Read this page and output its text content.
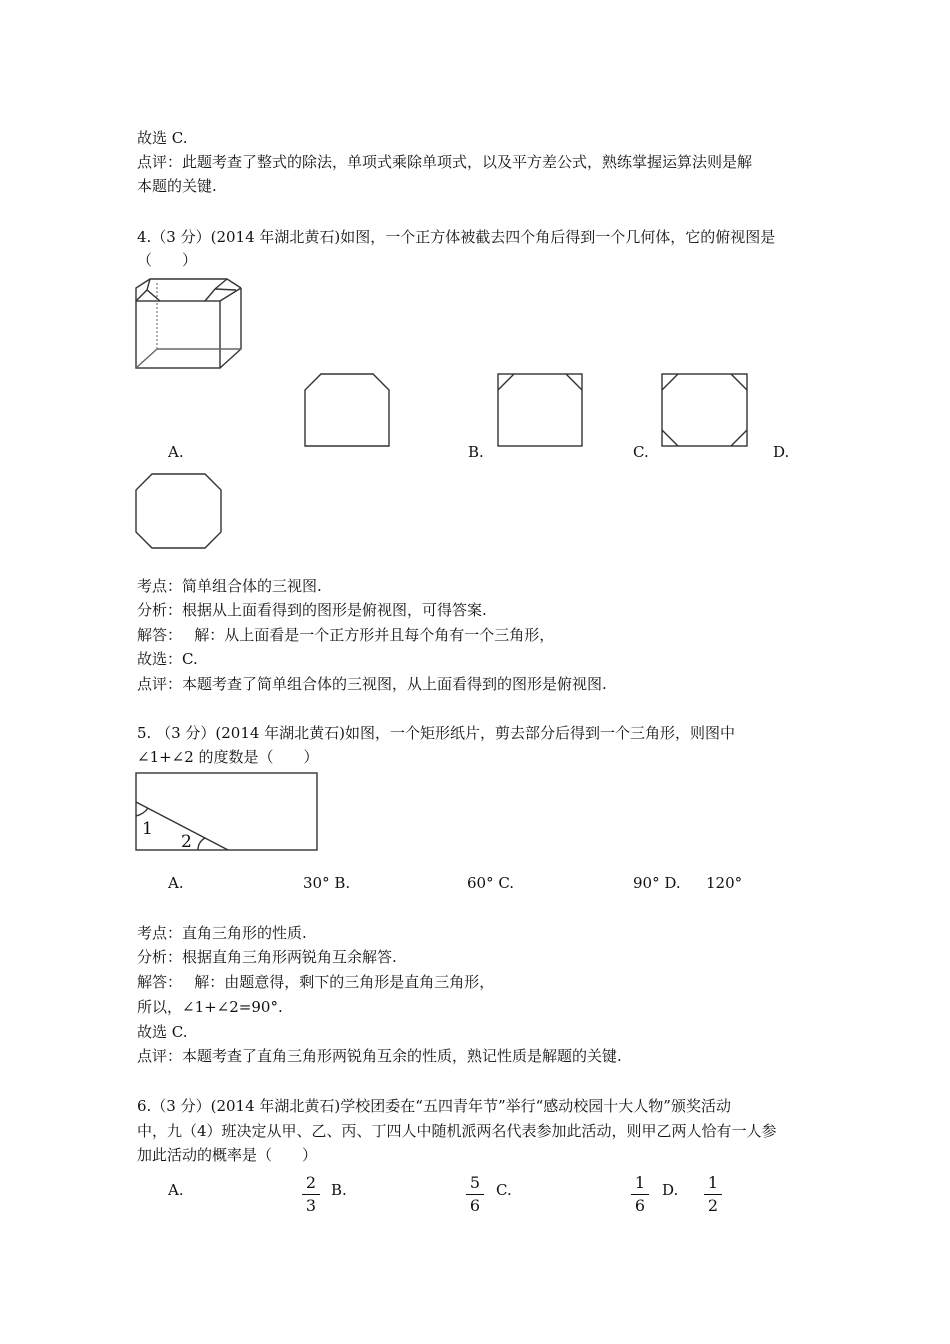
故选 C.
点评：此题考查了整式的除法，单项式乘除单项式，以及平方差公式，熟练掌握运算法则是解
本题的关键.
4.（3 分）(2014 年湖北黄石)如图，一个正方体被截去四个角后得到一个几何体，它的俯视图是
（　　）
A.	B.	C.	D.
考点：简单组合体的三视图.
分析：根据从上面看得到的图形是俯视图，可得答案.
解答：　 解：从上面看是一个正方形并且每个角有一个三角形，
故选：C.
点评：本题考查了简单组合体的三视图，从上面看得到的图形是俯视图.
5. （3 分）(2014 年湖北黄石)如图，一个矩形纸片，剪去部分后得到一个三角形，则图中
∠1+∠2 的度数是（　　）
1
2
A.	30° B.	60° C.	90° D. 120°
考点：直角三角形的性质.
分析：根据直角三角形两锐角互余解答.
解答：　 解：由题意得，剩下的三角形是直角三角形，
所以，∠1+∠2=90°.
故选 C.
点评：本题考查了直角三角形两锐角互余的性质，熟记性质是解题的关键.
6.（3 分）(2014 年湖北黄石)学校团委在“五四青年节”举行“感动校园十大人物”颁奖活动
中，九（4）班决定从甲、乙、丙、丁四人中随机派两名代表参加此活动，则甲乙两人恰有一人参
加此活动的概率是（　　）
A.	2
3
B.	5
6
C.	1
6
D.	1
2
